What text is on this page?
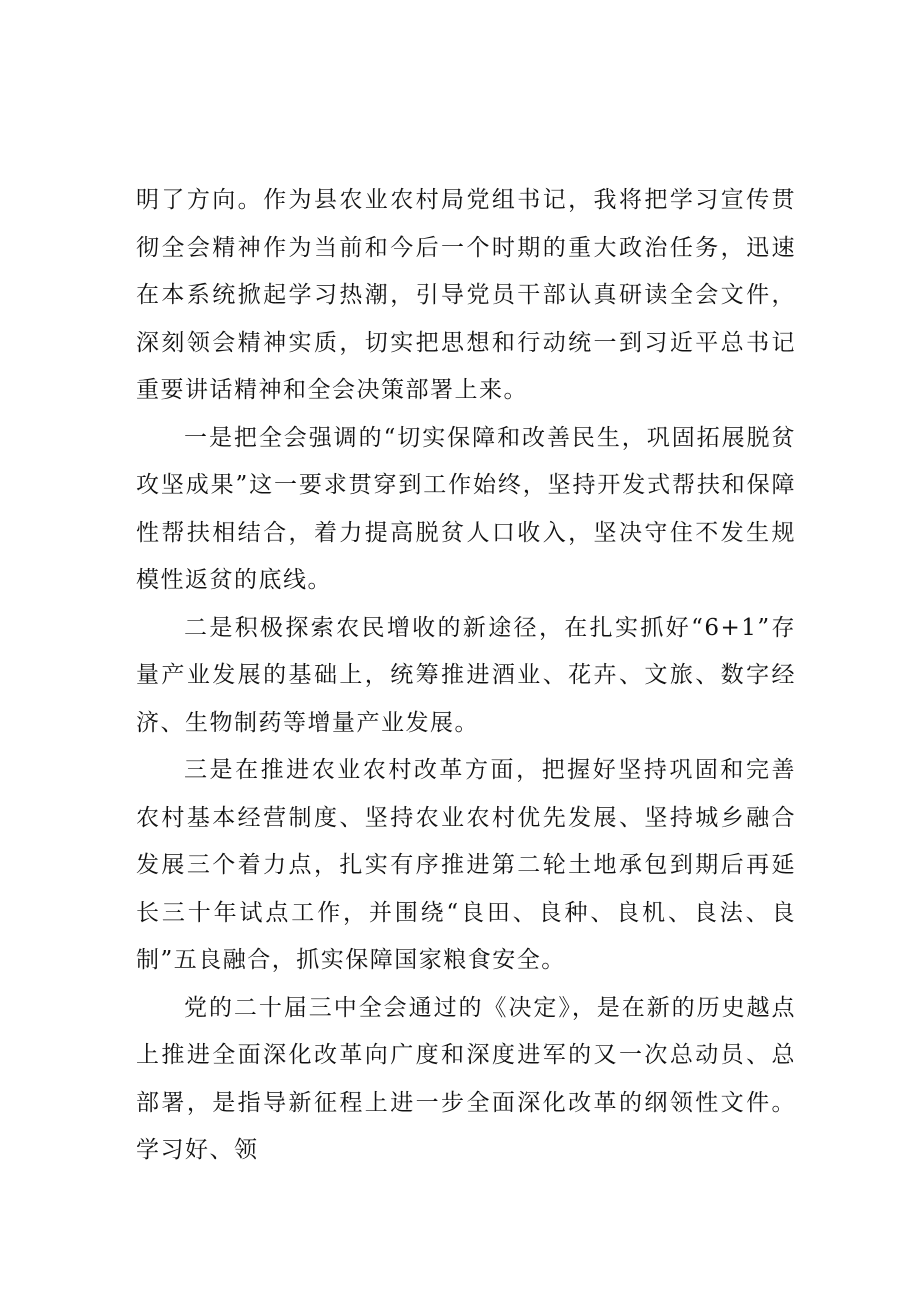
明了方向。作为县农业农村局党组书记，我将把学习宣传贯彻全会精神作为当前和今后一个时期的重大政治任务，迅速在本系统掀起学习热潮，引导党员干部认真研读全会文件，深刻领会精神实质，切实把思想和行动统一到习近平总书记重要讲话精神和全会决策部署上来。

一是把全会强调的“切实保障和改善民生，巩固拓展脱贫攻坚成果”这一要求贯穿到工作始终，坚持开发式帮扶和保障性帮扶相结合，着力提高脱贫人口收入，坚决守住不发生规模性返贫的底线。

二是积极探索农民增收的新途径，在扎实抓好“6+1”存量产业发展的基础上，统筹推进酒业、花卉、文旅、数字经济、生物制药等增量产业发展。

三是在推进农业农村改革方面，把握好坚持巩固和完善农村基本经营制度、坚持农业农村优先发展、坚持城乡融合发展三个着力点，扎实有序推进第二轮土地承包到期后再延长三十年试点工作，并围绕“良田、良种、良机、良法、良制”五良融合，抓实保障国家粮食安全。

党的二十届三中全会通过的《决定》，是在新的历史越点上推进全面深化改革向广度和深度进军的又一次总动员、总部署，是指导新征程上进一步全面深化改革的纲领性文件。学习好、领
